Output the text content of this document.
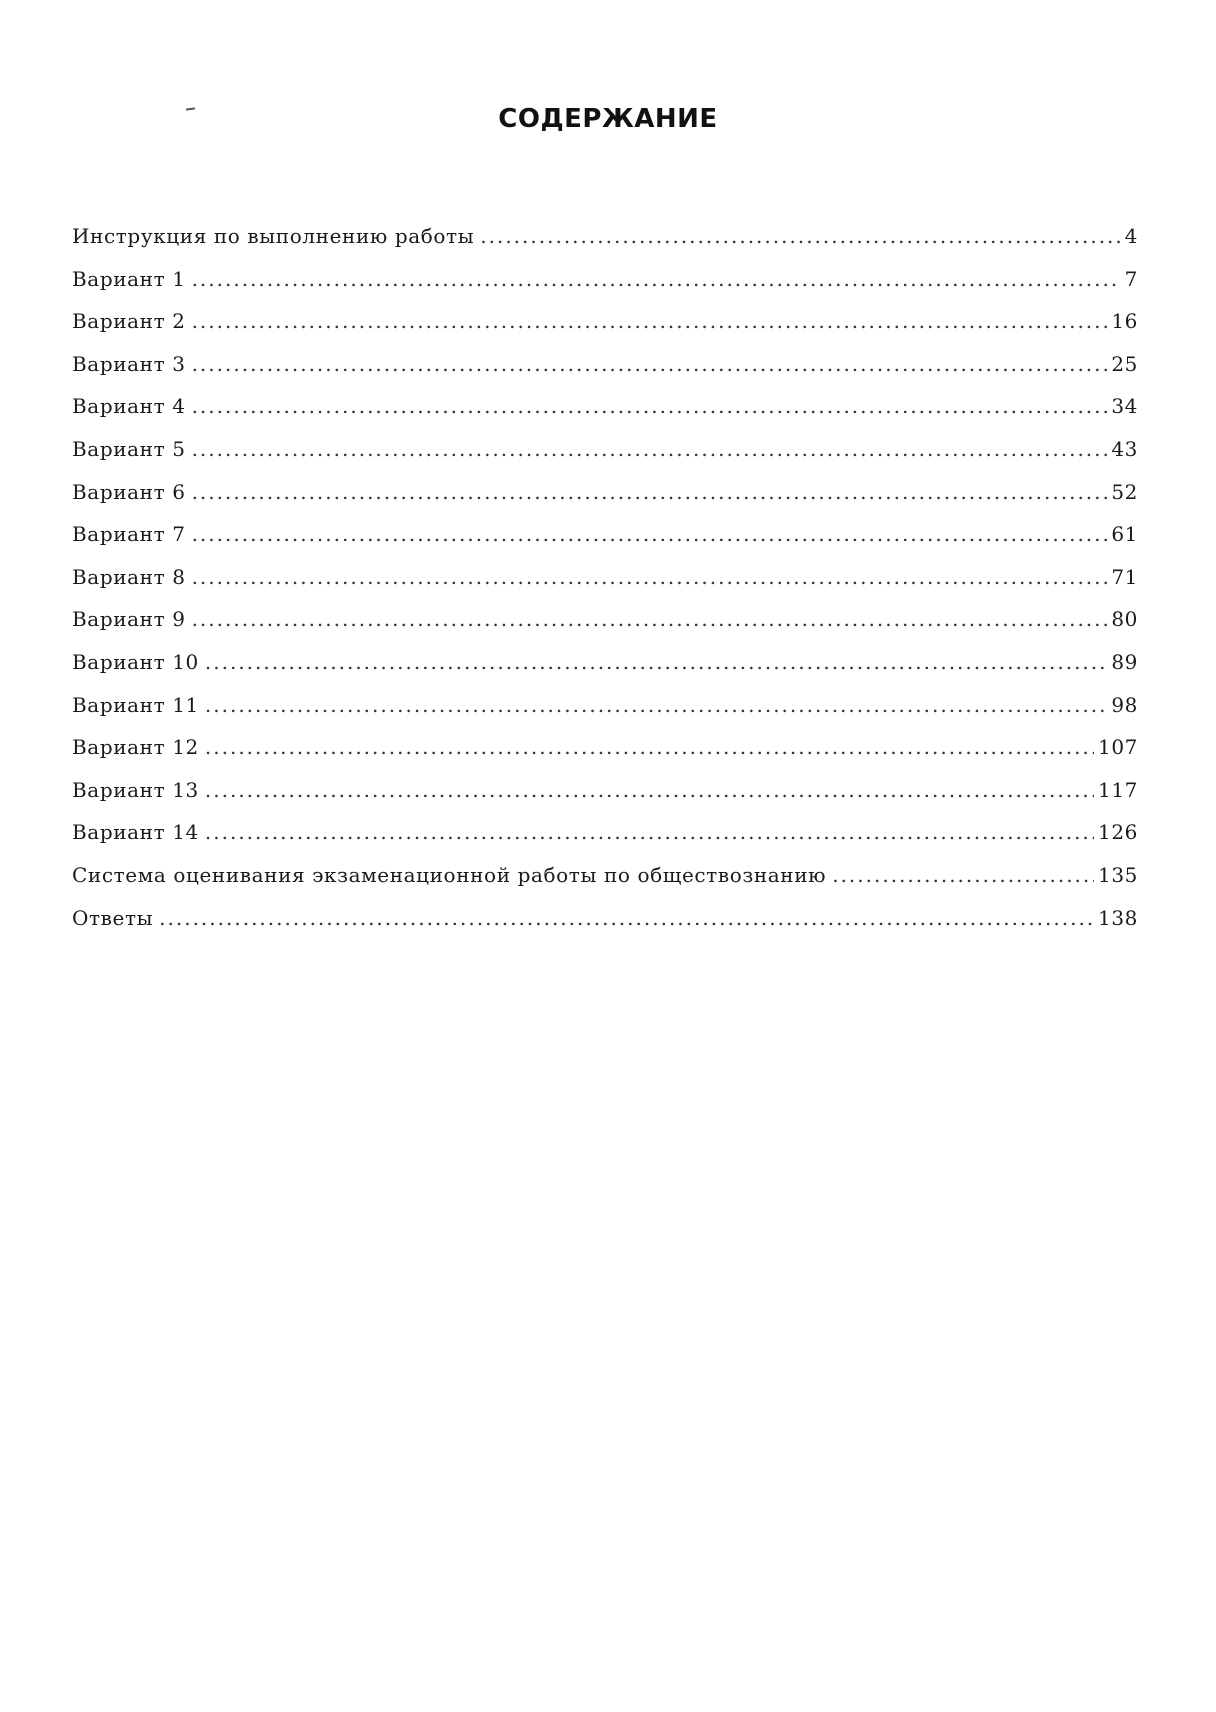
СОДЕРЖАНИЕ
Инструкция по выполнению работы .....	4
Вариант 1 .....	7
Вариант 2 .....	16
Вариант 3 .....	25
Вариант 4 .....	34
Вариант 5 .....	43
Вариант 6 .....	52
Вариант 7 .....	61
Вариант 8 .....	71
Вариант 9 .....	80
Вариант 10 .....	89
Вариант 11 .....	98
Вариант 12 .....	107
Вариант 13 .....	117
Вариант 14 .....	126
Система оценивания экзаменационной работы по обществознанию .....	135
Ответы .....	138
